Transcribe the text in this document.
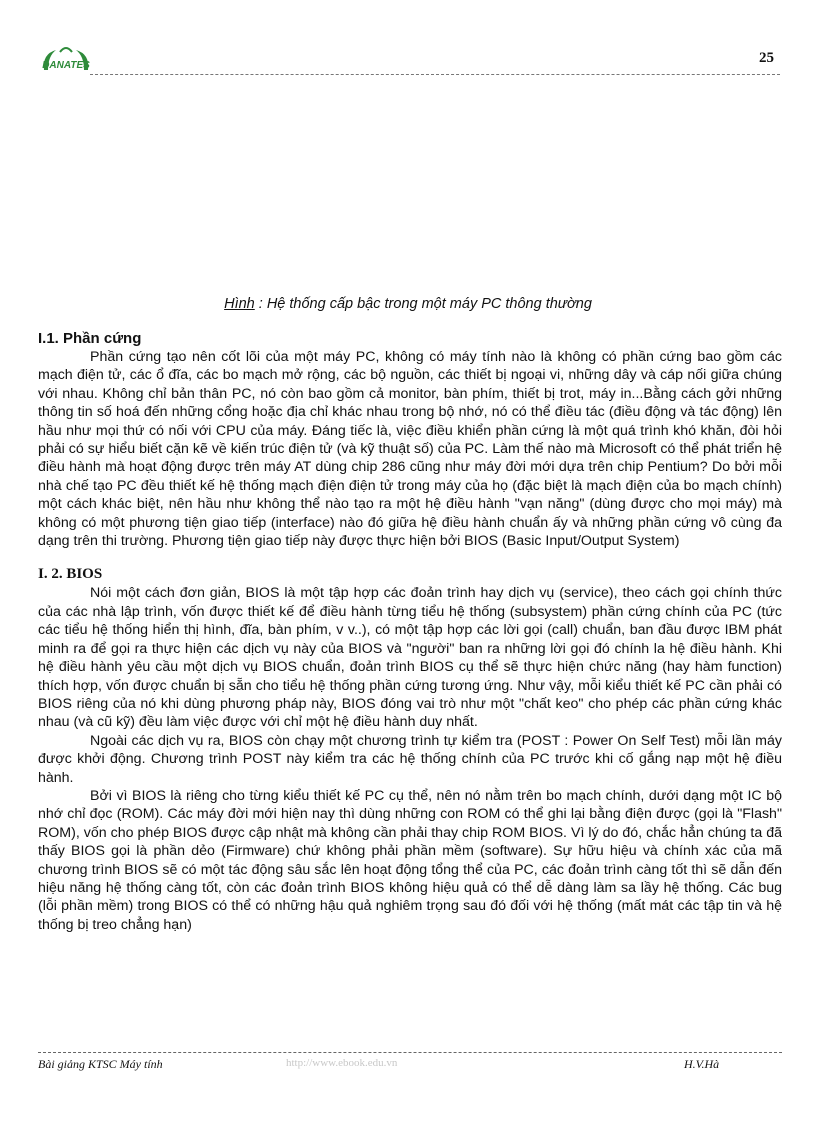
DANATES	25
Hình : Hệ thống cấp bậc trong một máy PC thông thường
I.1. Phần cứng

Phần cứng tạo nên cốt lõi của một máy PC, không có máy tính nào là không có phần cứng bao gồm các mạch điện tử, các ổ đĩa, các bo mạch mở rộng, các bộ nguồn, các thiết bị ngoại vi, những dây và cáp nối giữa chúng với nhau. Không chỉ bản thân PC, nó còn bao gồm cả monitor, bàn phím, thiết bị trot, máy in...Bằng cách gởi những thông tin số hoá đến những cổng hoặc địa chỉ khác nhau trong bộ nhớ, nó có thể điều tác (điều động và tác động) lên hầu như mọi thứ có nối với CPU của máy. Đáng tiếc là, việc điều khiển phần cứng là một quá trình khó khăn, đòi hỏi phải có sự hiểu biết cặn kẽ về kiến trúc điện tử (và kỹ thuật số) của PC. Làm thế nào mà Microsoft có thể phát triển hệ điều hành mà hoạt động được trên máy AT dùng chip 286 cũng như máy đời mới dựa trên chip Pentium? Do bởi mỗi nhà chế tạo PC đều thiết kế hệ thống mạch điện điện tử trong máy của họ (đặc biệt là mạch điện của bo mạch chính) một cách khác biệt, nên hầu như không thể nào tạo ra một hệ điều hành "vạn năng" (dùng được cho mọi máy) mà không có một phương tiện giao tiếp (interface) nào đó giữa hệ điều hành chuẩn ấy và những phần cứng vô cùng đa dạng trên thi trường. Phương tiện giao tiếp này được thực hiện bởi BIOS (Basic Input/Output System)

I. 2. BIOS

Nói một cách đơn giản, BIOS là một tập hợp các đoản trình hay dịch vụ (service), theo cách gọi chính thức của các nhà lập trình, vốn được thiết kế để điều hành từng tiểu hệ thống (subsystem) phần cứng chính của PC (tức các tiểu hệ thống hiển thị hình, đĩa, bàn phím, v v..), có một tập hợp các lời gọi (call) chuẩn, ban đầu được IBM phát minh ra để gọi ra thực hiện các dịch vụ này của BIOS và "người" ban ra những lời gọi đó chính la hệ điều hành. Khi hệ điều hành yêu cầu một dịch vụ BIOS chuẩn, đoản trình BIOS cụ thể sẽ thực hiện chức năng (hay hàm function) thích hợp, vốn được chuẩn bị sẵn cho tiểu hệ thống phần cứng tương ứng. Như vậy, mỗi kiểu thiết kế PC cần phải có BIOS riêng của nó khi dùng phương pháp này, BIOS đóng vai trò như một "chất keo" cho phép các phần cứng khác nhau (và cũ kỹ) đều làm việc được với chỉ một hệ điều hành duy nhất.

Ngoài các dịch vụ ra, BIOS còn chạy một chương trình tự kiểm tra (POST : Power On Self Test) mỗi lần máy được khởi động. Chương trình POST này kiểm tra các hệ thống chính của PC trước khi cố gắng nạp một hệ điều hành.

Bởi vì BIOS là riêng cho từng kiểu thiết kế PC cụ thể, nên nó nằm trên bo mạch chính, dưới dạng một IC bộ nhớ chỉ đọc (ROM). Các máy đời mới hiện nay thì dùng những con ROM có thể ghi lại bằng điện được (gọi là "Flash" ROM), vốn cho phép BIOS được cập nhật mà không cần phải thay chip ROM BIOS. Vì lý do đó, chắc hẳn chúng ta đã thấy BIOS gọi là phần dẻo (Firmware) chứ không phải phần mềm (software). Sự hữu hiệu và chính xác của mã chương trình BIOS sẽ có một tác động sâu sắc lên hoạt động tổng thể của PC, các đoản trình càng tốt thì sẽ dẫn đến hiệu năng hệ thống càng tốt, còn các đoản trình BIOS không hiệu quả có thể dễ dàng làm sa lầy hệ thống. Các bug (lỗi phần mềm) trong BIOS có thể có những hậu quả nghiêm trọng sau đó đối với hệ thống (mất mát các tập tin và hệ thống bị treo chẳng hạn)

Bài giảng KTSC Máy tính	http://www.ebook.edu.vn	H.V.Hà
